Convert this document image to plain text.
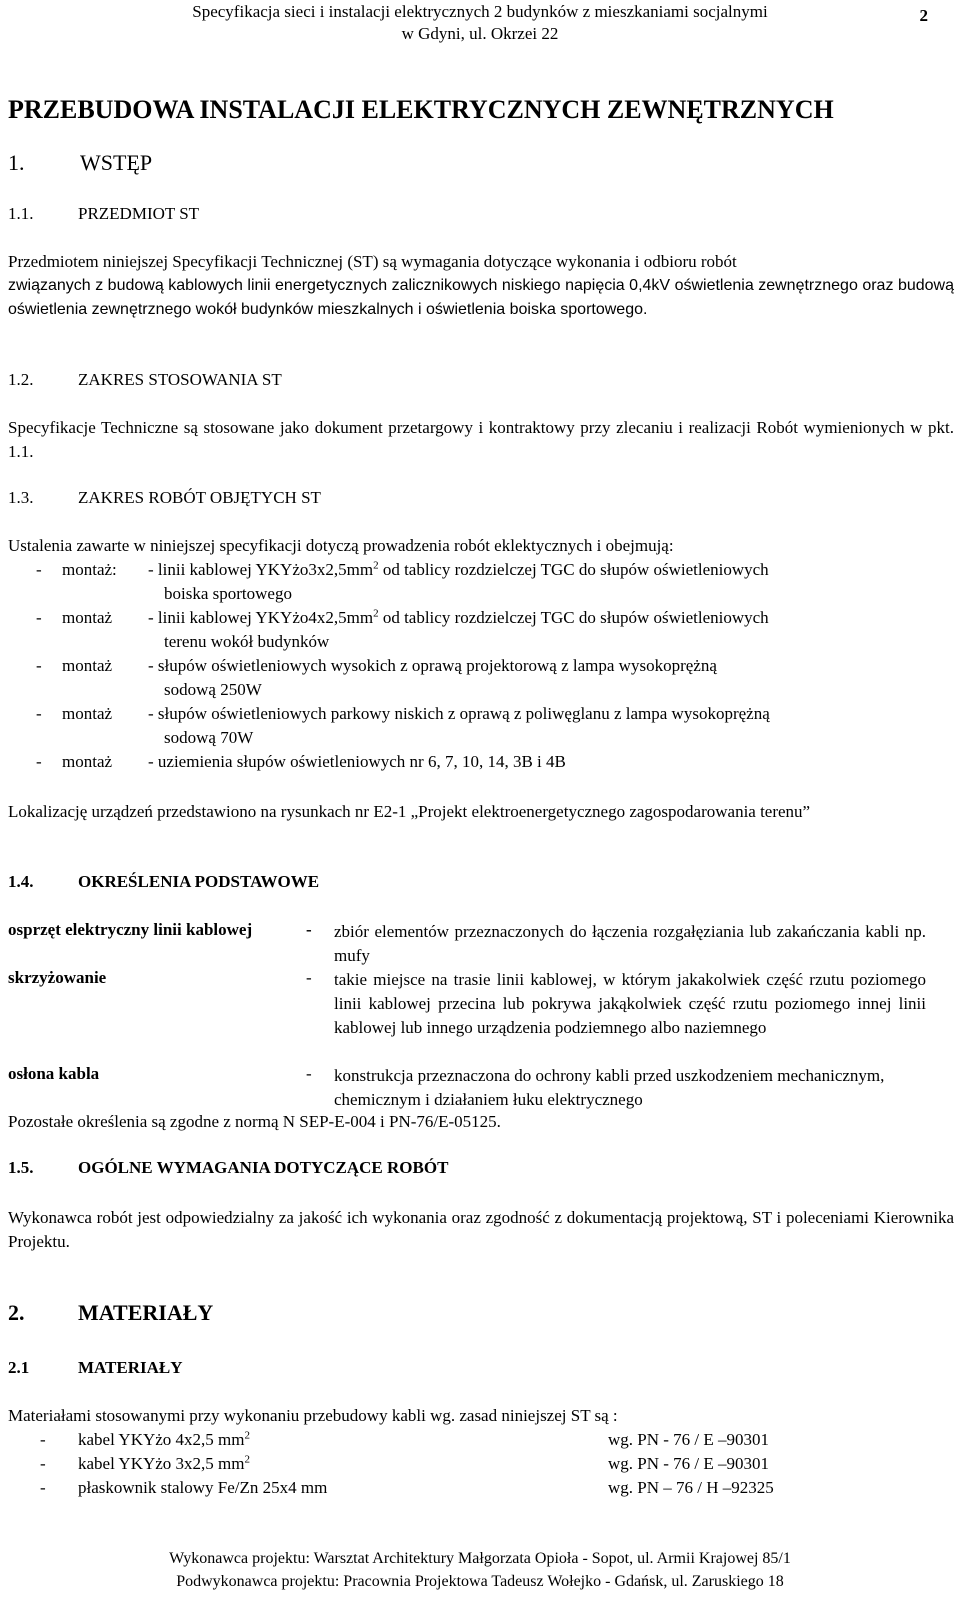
Specyfikacja sieci i instalacji elektrycznych 2 budynków z mieszkaniami socjalnymi
w Gdyni, ul. Okrzei 22
2
PRZEBUDOWA INSTALACJI ELEKTRYCZNYCH ZEWNĘTRZNYCH
1.	WSTĘP
1.1.	PRZEDMIOT ST
Przedmiotem niniejszej Specyfikacji Technicznej (ST) są wymagania dotyczące wykonania i odbioru robót
związanych z budową kablowych linii energetycznych zalicznikowych niskiego napięcia 0,4kV oświetlenia zewnętrznego oraz budową oświetlenia zewnętrznego wokół budynków mieszkalnych i oświetlenia boiska sportowego.
1.2.	ZAKRES STOSOWANIA ST
Specyfikacje Techniczne są stosowane jako dokument przetargowy i kontraktowy przy zlecaniu i realizacji Robót wymienionych w pkt. 1.1.
1.3.	ZAKRES ROBÓT OBJĘTYCH ST
Ustalenia zawarte w niniejszej specyfikacji dotyczą prowadzenia robót eklektycznych i obejmują:
- montaż: - linii kablowej $YKYżo3x2,5mm^2$ od tablicy rozdzielczej TGC do słupów oświetleniowych
boiska sportowego
- montaż - linii kablowej $YKYżo4x2,5mm^2$ od tablicy rozdzielczej TGC do słupów oświetleniowych
terenu wokół budynków
- montaż - słupów oświetleniowych wysokich z oprawą projektorową z lampa wysokoprężną
sodową 250W
- montaż - słupów oświetleniowych parkowy niskich z oprawą z poliwęglanu z lampa wysokoprężną
sodową 70W
- montaż - uziemienia słupów oświetleniowych nr 6, 7, 10, 14, 3B i 4B
Lokalizację urządzeń przedstawiono na rysunkach nr E2-1 „Projekt elektroenergetycznego zagospodarowania terenu”
1.4.	OKREŚLENIA PODSTAWOWE
osprzęt elektryczny linii kablowej	- zbiór elementów przeznaczonych do łączenia rozgałęziania lub zakańczania kabli np. mufy
skrzyżowanie	- takie miejsce na trasie linii kablowej, w którym jakakolwiek część rzutu poziomego linii kablowej przecina lub pokrywa jakąkolwiek część rzutu poziomego innej linii kablowej lub innego urządzenia podziemnego albo naziemnego
osłona kabla	- konstrukcja przeznaczona do ochrony kabli przed uszkodzeniem mechanicznym, chemicznym i działaniem łuku elektrycznego
Pozostałe określenia są zgodne z normą N SEP-E-004 i PN-76/E-05125.
1.5.	OGÓLNE WYMAGANIA DOTYCZĄCE ROBÓT
Wykonawca robót jest odpowiedzialny za jakość ich wykonania oraz zgodność z dokumentacją projektową, ST i poleceniami Kierownika Projektu.
2. MATERIAŁY
2.1	MATERIAŁY
Materiałami stosowanymi przy wykonaniu przebudowy kabli wg. zasad niniejszej ST są :
- kabel YKYżo 4x2,5 $mm^2$	wg. PN - 76 / E –90301
- kabel YKYżo 3x2,5 $mm^2$	wg. PN - 76 / E –90301
- płaskownik stalowy Fe/Zn 25x4 mm	wg. PN – 76 / H –92325
Wykonawca projektu: Warsztat Architektury Małgorzata Opioła - Sopot, ul. Armii Krajowej 85/1
Podwykonawca projektu: Pracownia Projektowa Tadeusz Wołejko - Gdańsk, ul. Zaruskiego 18
